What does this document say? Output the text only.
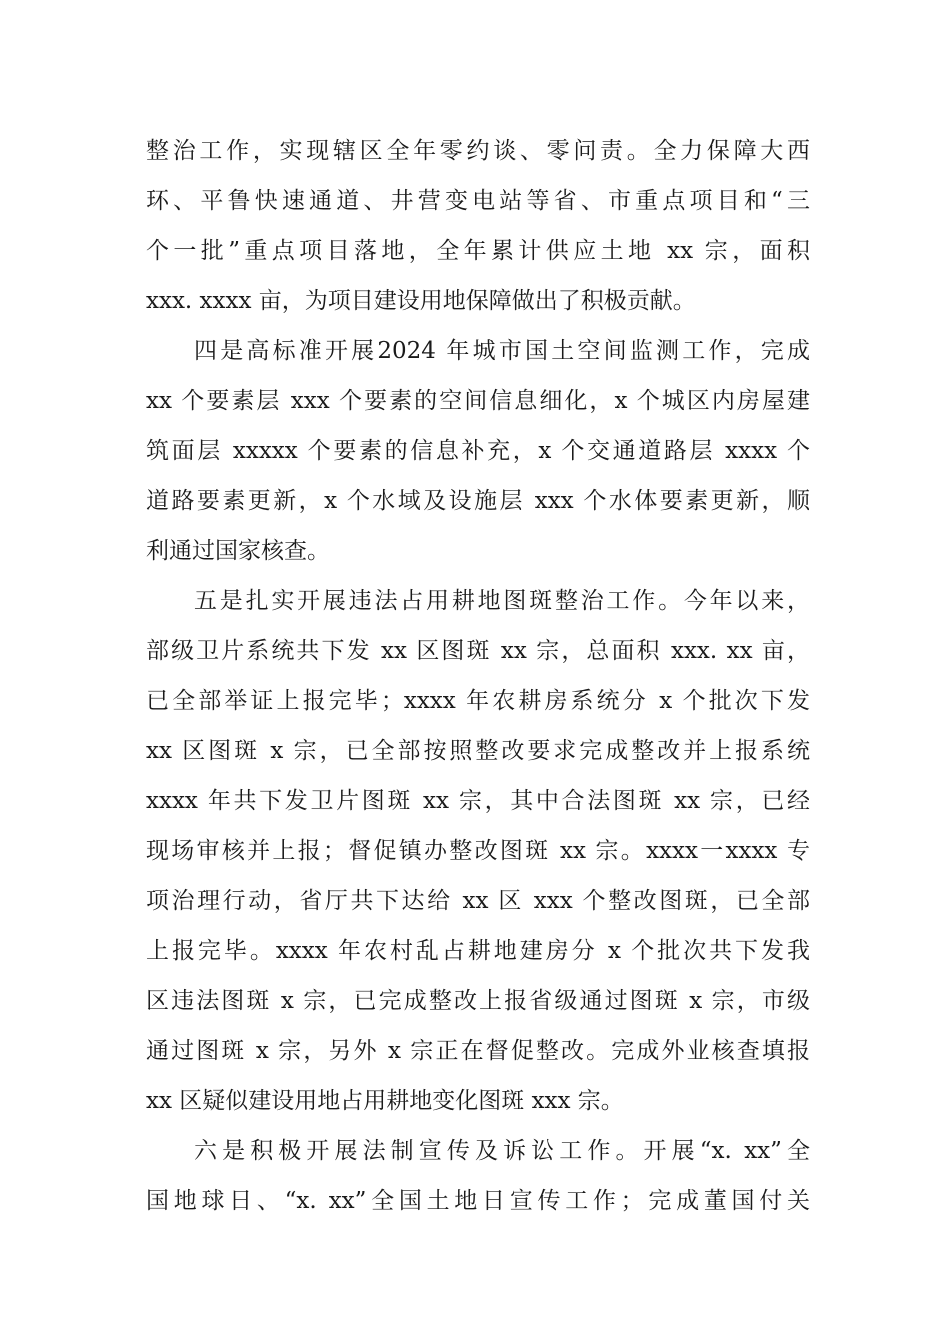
整治工作，实现辖区全年零约谈、零问责。全力保障大西
环、平鲁快速通道、井营变电站等省、市重点项目和“三
个一批”重点项目落地，全年累计供应土地 xx 宗，面积
xxx. xxxx 亩，为项目建设用地保障做出了积极贡献。
四是高标准开展2024 年城市国土空间监测工作，完成
xx 个要素层 xxx 个要素的空间信息细化，x 个城区内房屋建
筑面层 xxxxx 个要素的信息补充，x 个交通道路层 xxxx 个
道路要素更新，x 个水域及设施层 xxx 个水体要素更新，顺
利通过国家核查。
五是扎实开展违法占用耕地图斑整治工作。今年以来，
部级卫片系统共下发 xx 区图斑 xx 宗，总面积 xxx. xx 亩，
已全部举证上报完毕；xxxx 年农耕房系统分 x 个批次下发
xx 区图斑 x 宗，已全部按照整改要求完成整改并上报系统
xxxx 年共下发卫片图斑 xx 宗，其中合法图斑 xx 宗，已经
现场审核并上报；督促镇办整改图斑 xx 宗。xxxx一xxxx 专
项治理行动，省厅共下达给 xx 区 xxx 个整改图斑，已全部
上报完毕。xxxx 年农村乱占耕地建房分 x 个批次共下发我
区违法图斑 x 宗，已完成整改上报省级通过图斑 x 宗，市级
通过图斑 x 宗，另外 x 宗正在督促整改。完成外业核查填报
xx 区疑似建设用地占用耕地变化图斑 xxx 宗。
六是积极开展法制宣传及诉讼工作。开展“x. xx”全
国地球日、“x. xx”全国土地日宣传工作；完成董国付关
